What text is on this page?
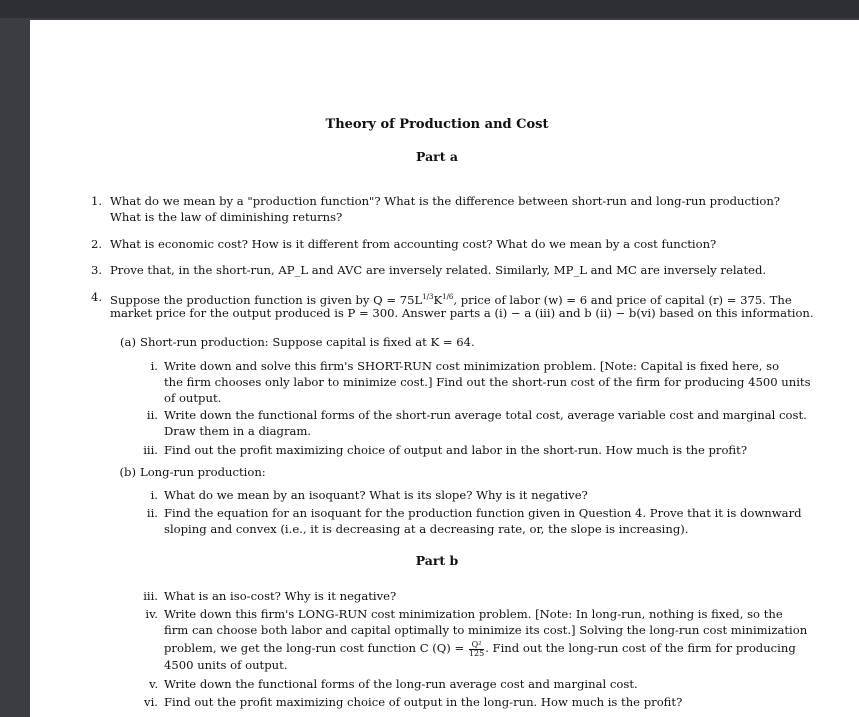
Theory of Production and Cost
Part a
1. What do we mean by a "production function"? What is the difference between short-run and long-run production?
What is the law of diminishing returns?
2. What is economic cost? How is it different from accounting cost? What do we mean by a cost function?
3. Prove that, in the short-run, AP_L and AVC are inversely related. Similarly, MP_L and MC are inversely related.
4. Suppose the production function is given by $Q = 75L^{1/3}K^{1/6}$, price of labor (w) = 6 and price of capital (r) = 375. The
market price for the output produced is P = 300. Answer parts a (i) − a (iii) and b (ii) − b(vi) based on this information.
(a) Short-run production: Suppose capital is fixed at K = 64.
i. Write down and solve this firm's SHORT-RUN cost minimization problem. [Note: Capital is fixed here, so
the firm chooses only labor to minimize cost.] Find out the short-run cost of the firm for producing 4500 units
of output.
ii. Write down the functional forms of the short-run average total cost, average variable cost and marginal cost.
Draw them in a diagram.
iii. Find out the profit maximizing choice of output and labor in the short-run. How much is the profit?
(b) Long-run production:
i. What do we mean by an isoquant? What is its slope? Why is it negative?
ii. Find the equation for an isoquant for the production function given in Question 4. Prove that it is downward
sloping and convex (i.e., it is decreasing at a decreasing rate, or, the slope is increasing).
Part b
iii. What is an iso-cost? Why is it negative?
iv. Write down this firm's LONG-RUN cost minimization problem. [Note: In long-run, nothing is fixed, so the
firm can choose both labor and capital optimally to minimize its cost.] Solving the long-run cost minimization
problem, we get the long-run cost function C $(Q) = \frac{\text{Q²}}{125}$ . Find out the long-run cost of the firm for producing
4500 units of output.
v. Write down the functional forms of the long-run average cost and marginal cost.
vi. Find out the profit maximizing choice of output in the long-run. How much is the profit?
